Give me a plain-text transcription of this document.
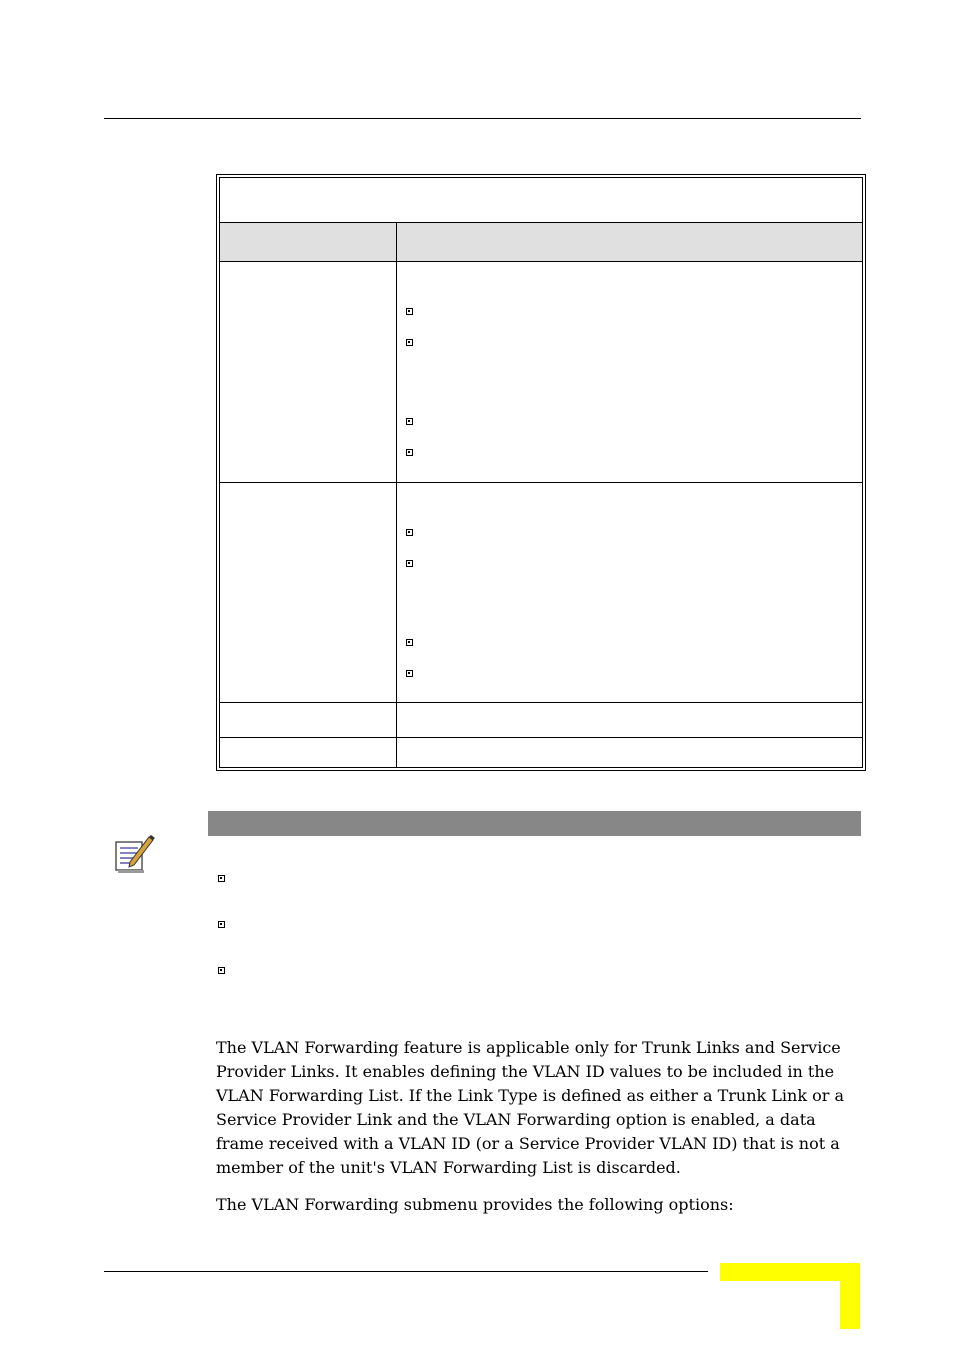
The VLAN Forwarding feature is applicable only for Trunk Links and Service Provider Links. It enables defining the VLAN ID values to be included in the VLAN Forwarding List. If the Link Type is defined as either a Trunk Link or a Service Provider Link and the VLAN Forwarding option is enabled, a data frame received with a VLAN ID (or a Service Provider VLAN ID) that is not a member of the unit's VLAN Forwarding List is discarded.

The VLAN Forwarding submenu provides the following options:
